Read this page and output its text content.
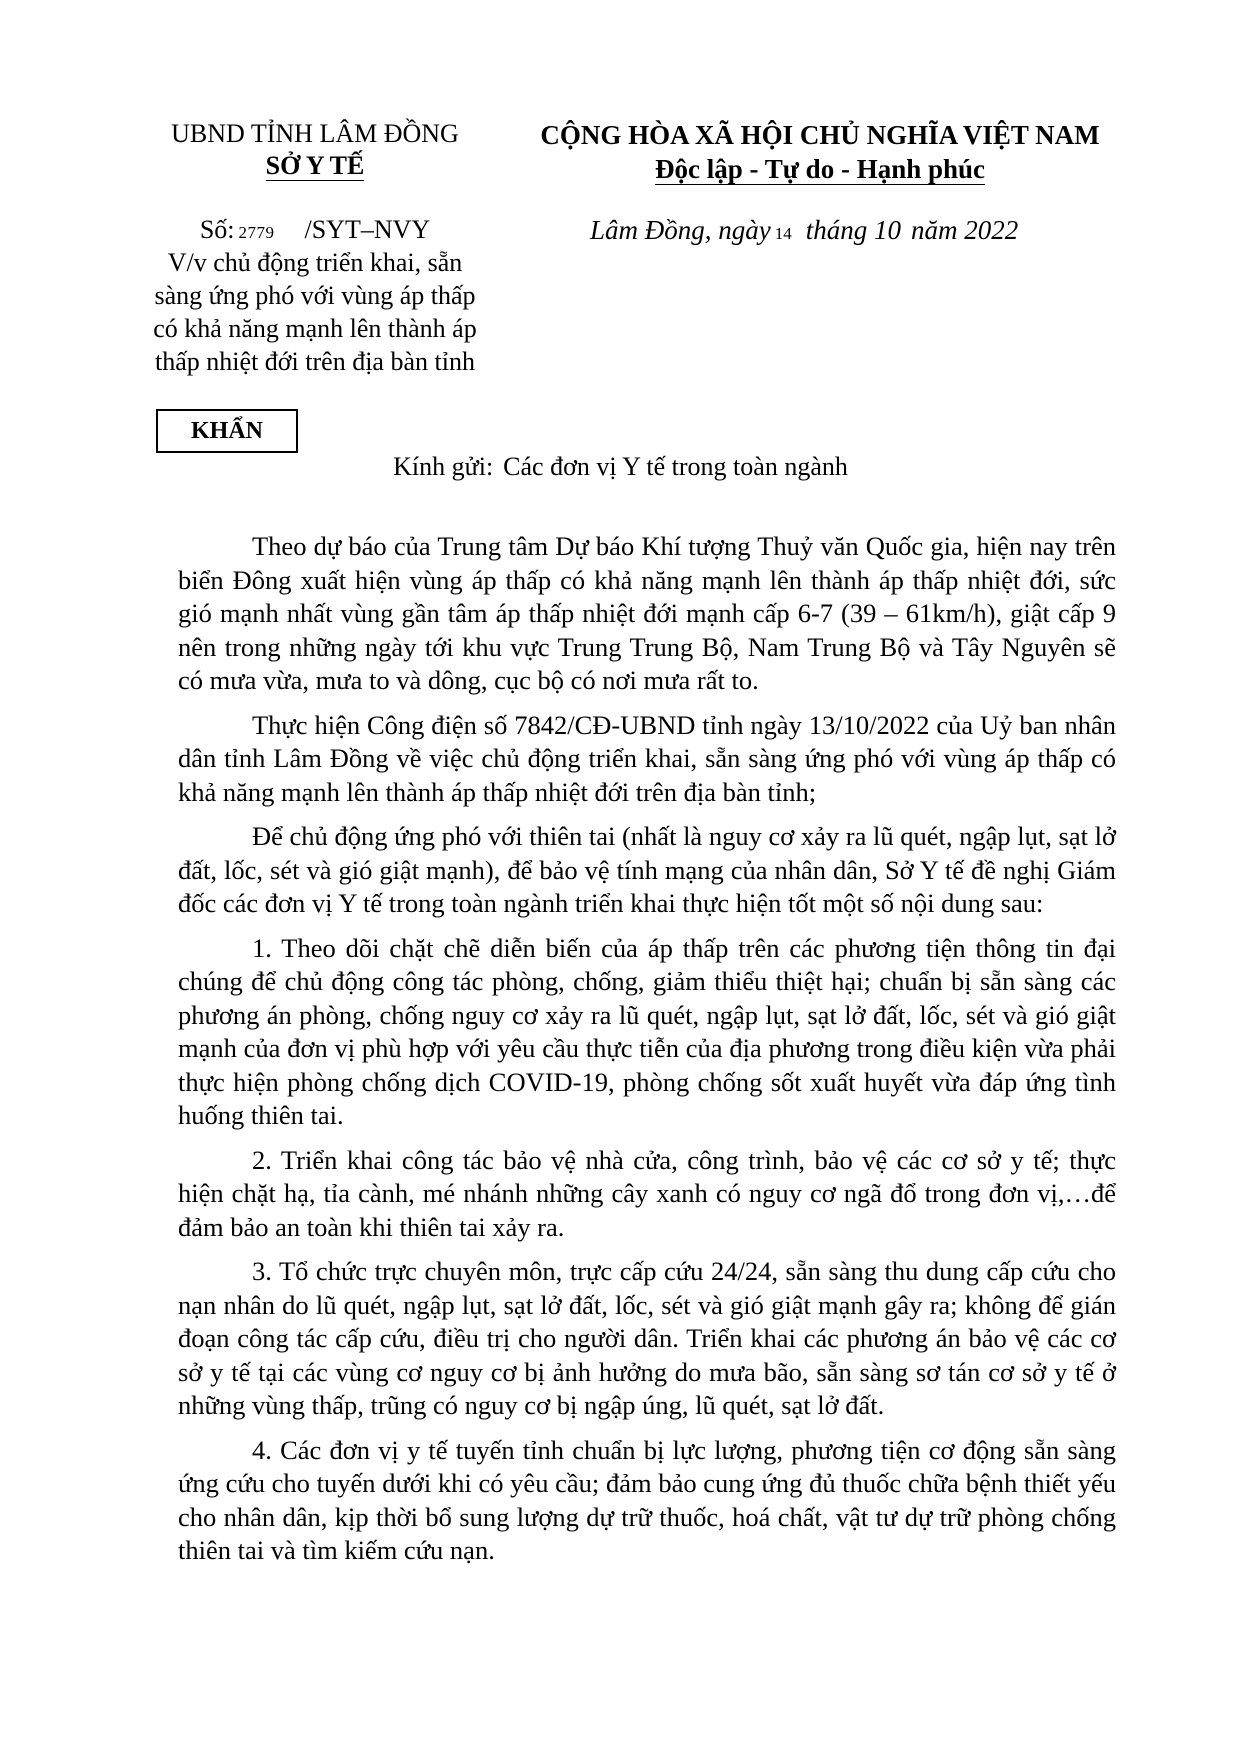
UBND TỈNH LÂM ĐỒNG
SỞ Y TẾ
CỘNG HÒA XÃ HỘI CHỦ NGHĨA VIỆT NAM
Độc lập - Tự do - Hạnh phúc
Số: 2779 /SYT–NVY
V/v chủ động triển khai, sẵn sàng ứng phó với vùng áp thấp có khả năng mạnh lên thành áp thấp nhiệt đới trên địa bàn tỉnh
KHẨN
Lâm Đồng, ngày 14 tháng 10 năm 2022
Kính gửi: Các đơn vị Y tế trong toàn ngành

Theo dự báo của Trung tâm Dự báo Khí tượng Thuỷ văn Quốc gia, hiện nay trên biển Đông xuất hiện vùng áp thấp có khả năng mạnh lên thành áp thấp nhiệt đới, sức gió mạnh nhất vùng gần tâm áp thấp nhiệt đới mạnh cấp 6-7 (39 – 61km/h), giật cấp 9 nên trong những ngày tới khu vực Trung Trung Bộ, Nam Trung Bộ và Tây Nguyên sẽ có mưa vừa, mưa to và dông, cục bộ có nơi mưa rất to.

Thực hiện Công điện số 7842/CĐ-UBND tỉnh ngày 13/10/2022 của Uỷ ban nhân dân tỉnh Lâm Đồng về việc chủ động triển khai, sẵn sàng ứng phó với vùng áp thấp có khả năng mạnh lên thành áp thấp nhiệt đới trên địa bàn tỉnh;

Để chủ động ứng phó với thiên tai (nhất là nguy cơ xảy ra lũ quét, ngập lụt, sạt lở đất, lốc, sét và gió giật mạnh), để bảo vệ tính mạng của nhân dân, Sở Y tế đề nghị Giám đốc các đơn vị Y tế trong toàn ngành triển khai thực hiện tốt một số nội dung sau:

1. Theo dõi chặt chẽ diễn biến của áp thấp trên các phương tiện thông tin đại chúng để chủ động công tác phòng, chống, giảm thiểu thiệt hại; chuẩn bị sẵn sàng các phương án phòng, chống nguy cơ xảy ra lũ quét, ngập lụt, sạt lở đất, lốc, sét và gió giật mạnh của đơn vị phù hợp với yêu cầu thực tiễn của địa phương trong điều kiện vừa phải thực hiện phòng chống dịch COVID-19, phòng chống sốt xuất huyết vừa đáp ứng tình huống thiên tai.

2. Triển khai công tác bảo vệ nhà cửa, công trình, bảo vệ các cơ sở y tế; thực hiện chặt hạ, tỉa cành, mé nhánh những cây xanh có nguy cơ ngã đổ trong đơn vị,…để đảm bảo an toàn khi thiên tai xảy ra.

3. Tổ chức trực chuyên môn, trực cấp cứu 24/24, sẵn sàng thu dung cấp cứu cho nạn nhân do lũ quét, ngập lụt, sạt lở đất, lốc, sét và gió giật mạnh gây ra; không để gián đoạn công tác cấp cứu, điều trị cho người dân. Triển khai các phương án bảo vệ các cơ sở y tế tại các vùng cơ nguy cơ bị ảnh hưởng do mưa bão, sẵn sàng sơ tán cơ sở y tế ở những vùng thấp, trũng có nguy cơ bị ngập úng, lũ quét, sạt lở đất.

4. Các đơn vị y tế tuyến tỉnh chuẩn bị lực lượng, phương tiện cơ động sẵn sàng ứng cứu cho tuyến dưới khi có yêu cầu; đảm bảo cung ứng đủ thuốc chữa bệnh thiết yếu cho nhân dân, kịp thời bổ sung lượng dự trữ thuốc, hoá chất, vật tư dự trữ phòng chống thiên tai và tìm kiếm cứu nạn.
